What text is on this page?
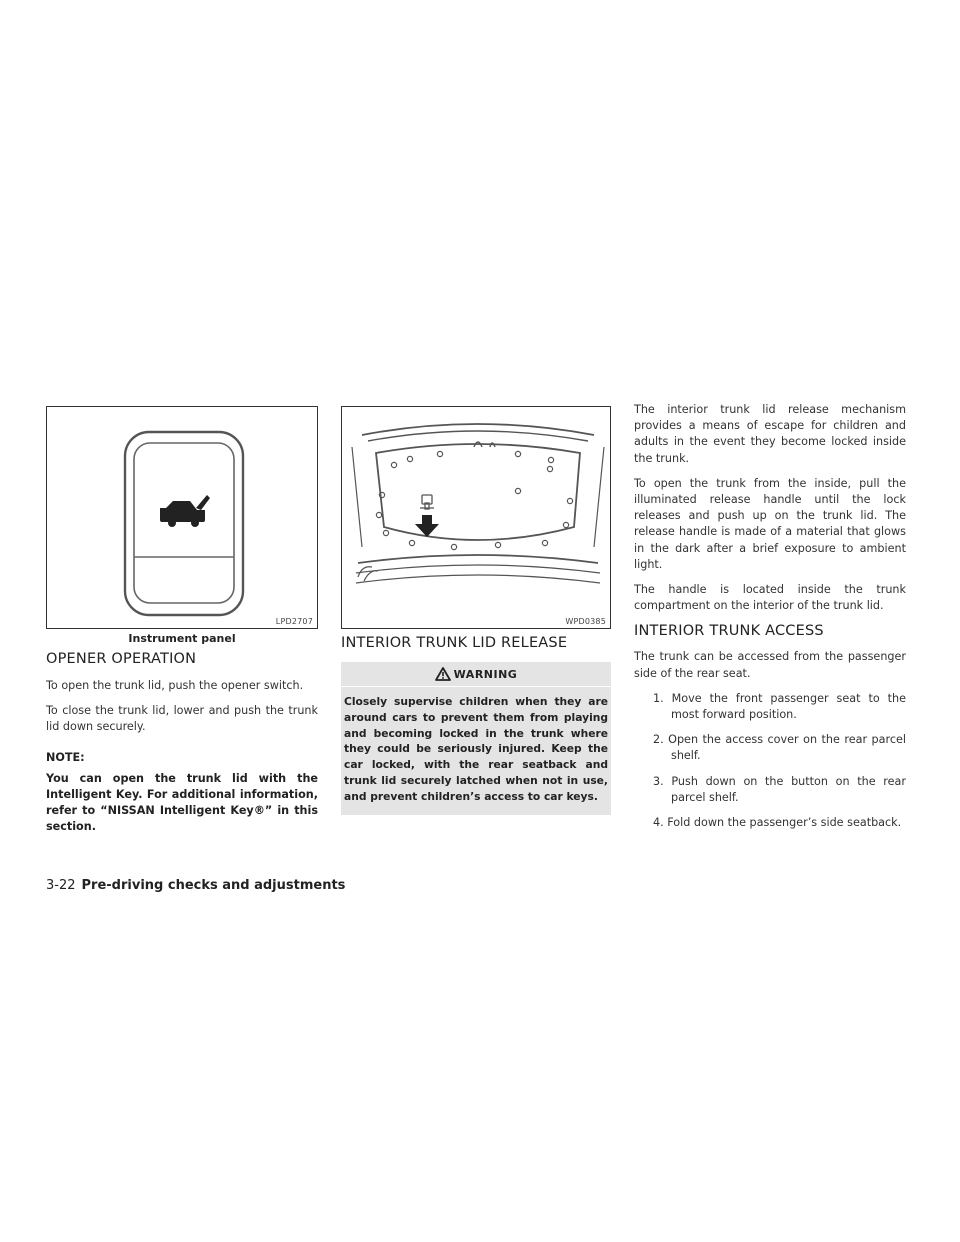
LPD2707
Instrument panel
OPENER OPERATION

To open the trunk lid, push the opener switch.

To close the trunk lid, lower and push the trunk lid down securely.

NOTE:

You can open the trunk lid with the Intelligent Key. For additional information, refer to “NISSAN Intelligent Key®” in this section.

WPD0385
INTERIOR TRUNK LID RELEASE
WARNING
Closely supervise children when they are around cars to prevent them from playing and becoming locked in the trunk where they could be seriously injured. Keep the car locked, with the rear seatback and trunk lid securely latched when not in use, and prevent children’s access to car keys.

The interior trunk lid release mechanism provides a means of escape for children and adults in the event they become locked inside the trunk.

To open the trunk from the inside, pull the illuminated release handle until the lock releases and push up on the trunk lid. The release handle is made of a material that glows in the dark after a brief exposure to ambient light.

The handle is located inside the trunk compartment on the interior of the trunk lid.

INTERIOR TRUNK ACCESS

The trunk can be accessed from the passenger side of the rear seat.

1. Move the front passenger seat to the most forward position.
2. Open the access cover on the rear parcel shelf.
3. Push down on the button on the rear parcel shelf.
4. Fold down the passenger’s side seatback.
3-22 Pre-driving checks and adjustments
